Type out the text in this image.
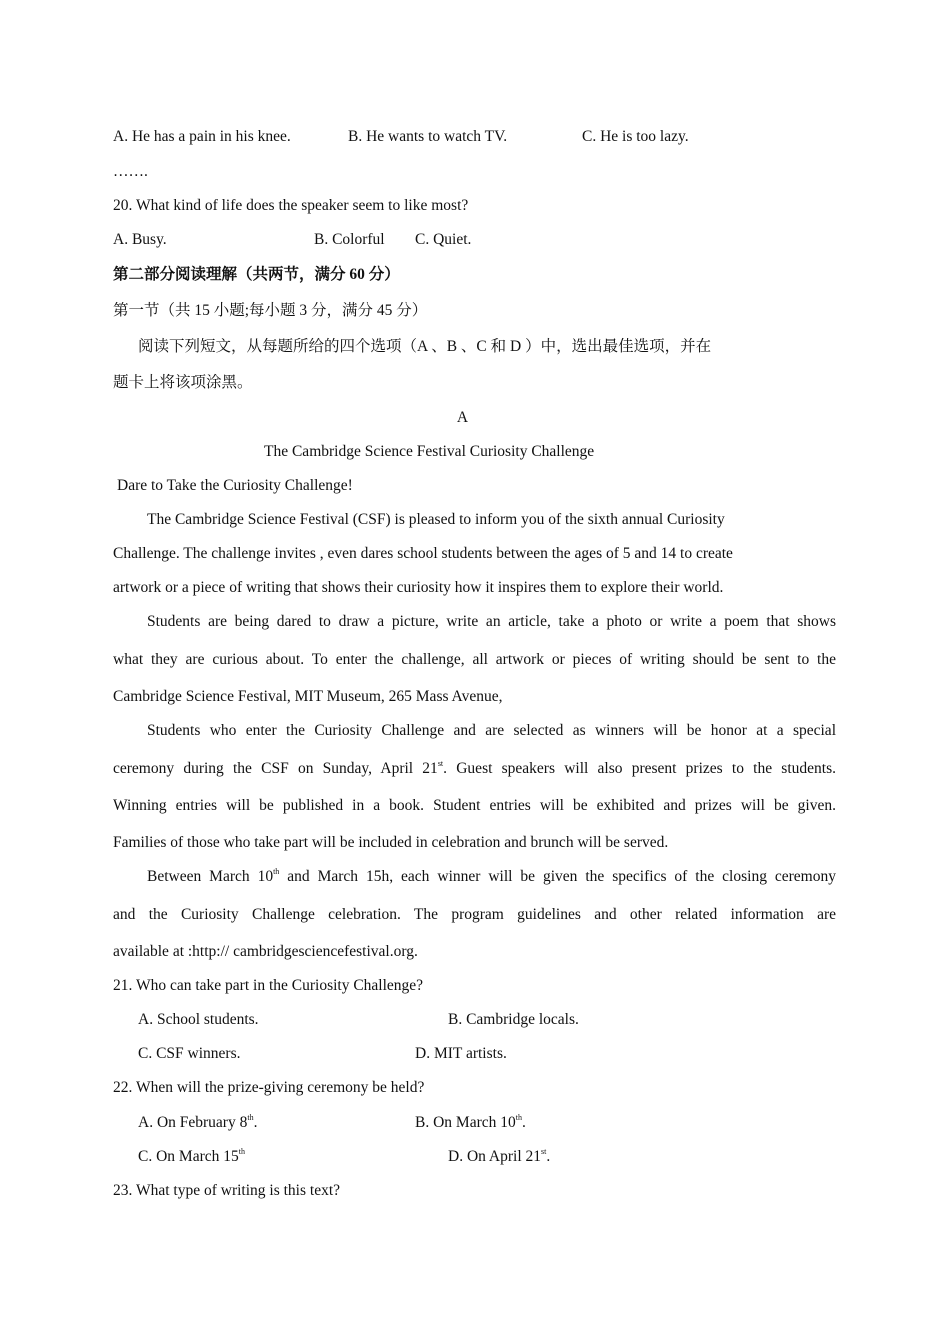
A. He has a pain in his knee.	B. He wants to watch TV.	C. He is too lazy.
…….
20. What kind of life does the speaker seem to like most?
A. Busy.	B. Colorful C. Quiet.
第二部分阅读理解（共两节，满分 60 分）
第一节（共 15 小题;每小题 3 分，满分 45 分）
阅读下列短文，从每题所给的四个选项（A 、B 、C 和 D ）中，选出最佳选项，并在
题卡上将该项涂黑。
A
The Cambridge Science Festival Curiosity Challenge
Dare to Take the Curiosity Challenge!
The Cambridge Science Festival (CSF) is pleased to inform you of the sixth annual Curiosity
Challenge. The challenge invites , even dares school students between the ages of 5 and 14 to create
artwork or a piece of writing that shows their curiosity how it inspires them to explore their world.
Students are being dared to draw a picture, write an article, take a photo or write a poem that shows
what they are curious about. To enter the challenge, all artwork or pieces of writing should be sent to the
Cambridge Science Festival, MIT Museum, 265 Mass Avenue,
Students who enter the Curiosity Challenge and are selected as winners will be honor at a special
ceremony during the CSF on Sunday, April 21st. Guest speakers will also present prizes to the students.
Winning entries will be published in a book. Student entries will be exhibited and prizes will be given.
Families of those who take part will be included in celebration and brunch will be served.
Between March 10th and March 15h, each winner will be given the specifics of the closing ceremony
and the Curiosity Challenge celebration. The program guidelines and other related information are
available at :http:// cambridgesciencefestival.org.
21. Who can take part in the Curiosity Challenge?
A. School students.	B. Cambridge locals.
C. CSF winners.	D. MIT artists.
22. When will the prize-giving ceremony be held?
A. On February 8th.	B. On March 10th.
C. On March 15th	D. On April 21st.
23. What type of writing is this text?
